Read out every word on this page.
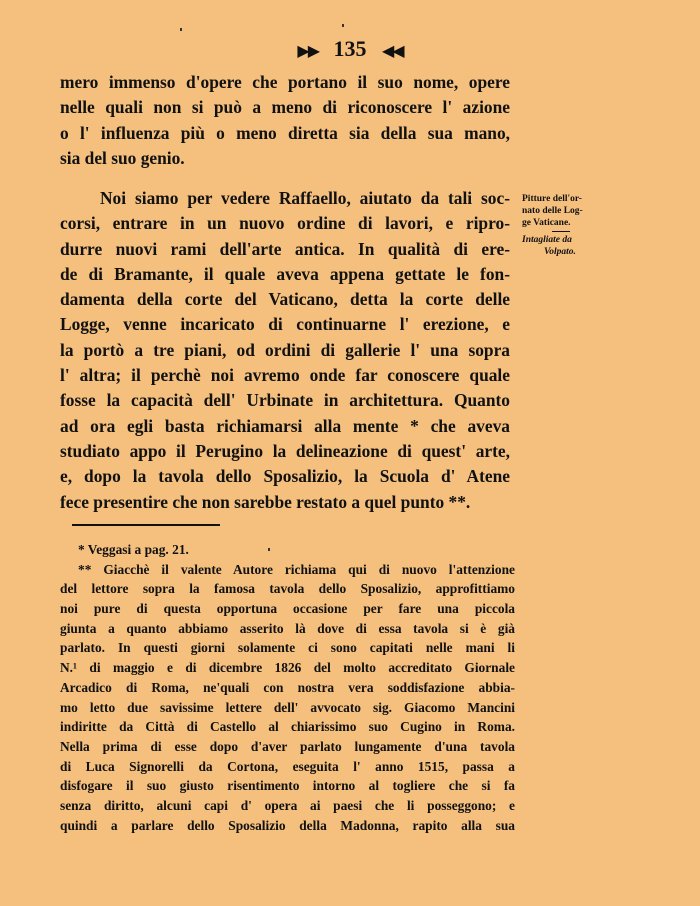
▶▶ 135 ◀◀
mero immenso d'opere che portano il suo nome, opere
nelle quali non si può a meno di riconoscere l' azione
o l' influenza più o meno diretta sia della sua mano,
sia del suo genio.
Noi siamo per vedere Raffaello, aiutato da tali soc-
corsi, entrare in un nuovo ordine di lavori, e ripro-
durre nuovi rami dell'arte antica. In qualità di ere-
de di Bramante, il quale aveva appena gettate le fon-
damenta della corte del Vaticano, detta la corte delle
Logge, venne incaricato di continuarne l' erezione, e
la portò a tre piani, od ordini di gallerie l' una sopra
l' altra; il perchè noi avremo onde far conoscere quale
fosse la capacità dell' Urbinate in architettura. Quanto
ad ora egli basta richiamarsi alla mente * che aveva
studiato appo il Perugino la delineazione di quest' arte,
e, dopo la tavola dello Sposalizio, la Scuola d' Atene
fece presentire che non sarebbe restato a quel punto **.
Pitture dell'or-
nato delle Log-
ge Vaticane.
Intagliate da
Volpato.
* Veggasi a pag. 21.
** Giacchè il valente Autore richiama qui di nuovo l'attenzione
del lettore sopra la famosa tavola dello Sposalizio, approfittiamo
noi pure di questa opportuna occasione per fare una piccola
giunta a quanto abbiamo asserito là dove di essa tavola si è già
parlato. In questi giorni solamente ci sono capitati nelle mani li
N.¹ di maggio e di dicembre 1826 del molto accreditato Giornale
Arcadico di Roma, ne'quali con nostra vera soddisfazione abbia-
mo letto due savissime lettere dell' avvocato sig. Giacomo Mancini
indiritte da Città di Castello al chiarissimo suo Cugino in Roma.
Nella prima di esse dopo d'aver parlato lungamente d'una tavola
di Luca Signorelli da Cortona, eseguita l' anno 1515, passa a
disfogare il suo giusto risentimento intorno al togliere che si fa
senza diritto, alcuni capi d' opera ai paesi che li posseggono; e
quindi a parlare dello Sposalizio della Madonna, rapito alla sua
